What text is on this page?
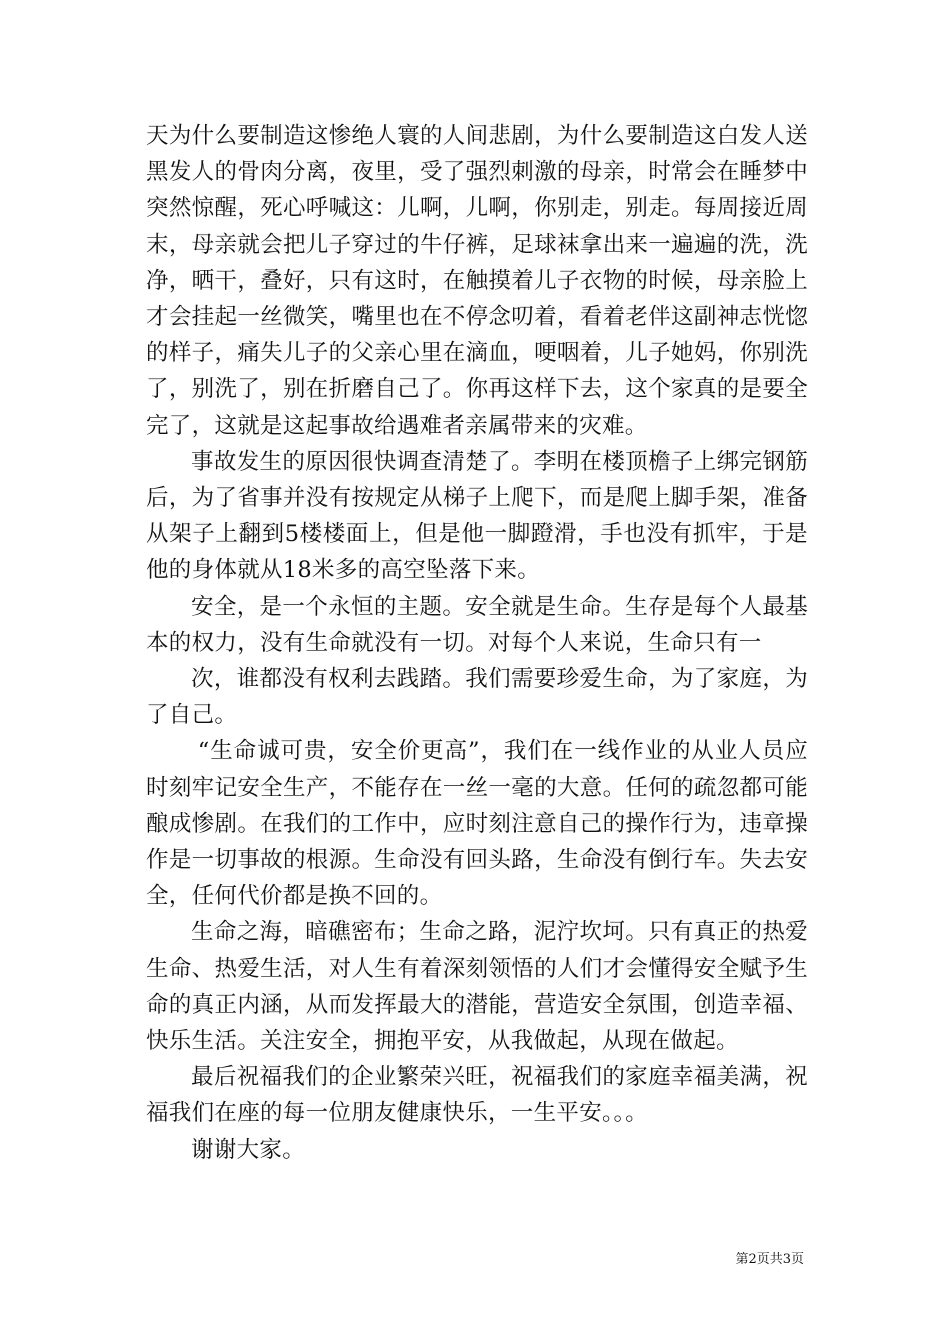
天为什么要制造这惨绝人寰的人间悲剧，为什么要制造这白发人送黑发人的骨肉分离，夜里，受了强烈刺激的母亲，时常会在睡梦中突然惊醒，死心呼喊这：儿啊，儿啊，你别走，别走。每周接近周末，母亲就会把儿子穿过的牛仔裤，足球袜拿出来一遍遍的洗，洗净，晒干，叠好，只有这时，在触摸着儿子衣物的时候，母亲脸上才会挂起一丝微笑，嘴里也在不停念叨着，看着老伴这副神志恍惚的样子，痛失儿子的父亲心里在滴血，哽咽着，儿子她妈，你别洗了，别洗了，别在折磨自己了。你再这样下去，这个家真的是要全完了，这就是这起事故给遇难者亲属带来的灾难。

事故发生的原因很快调查清楚了。李明在楼顶檐子上绑完钢筋后，为了省事并没有按规定从梯子上爬下，而是爬上脚手架，准备从架子上翻到5楼楼面上，但是他一脚蹬滑，手也没有抓牢，于是他的身体就从18米多的高空坠落下来。

安全，是一个永恒的主题。安全就是生命。生存是每个人最基本的权力，没有生命就没有一切。对每个人来说，生命只有一

次，谁都没有权利去践踏。我们需要珍爱生命，为了家庭，为了自己。

“生命诚可贵，安全价更高”，我们在一线作业的从业人员应时刻牢记安全生产，不能存在一丝一毫的大意。任何的疏忽都可能酿成惨剧。在我们的工作中，应时刻注意自己的操作行为，违章操作是一切事故的根源。生命没有回头路，生命没有倒行车。失去安全，任何代价都是换不回的。

生命之海，暗礁密布；生命之路，泥泞坎坷。只有真正的热爱生命、热爱生活，对人生有着深刻领悟的人们才会懂得安全赋予生命的真正内涵，从而发挥最大的潜能，营造安全氛围，创造幸福、快乐生活。关注安全，拥抱平安，从我做起，从现在做起。

最后祝福我们的企业繁荣兴旺，祝福我们的家庭幸福美满，祝福我们在座的每一位朋友健康快乐，一生平安。。。

谢谢大家。

第2页共3页
